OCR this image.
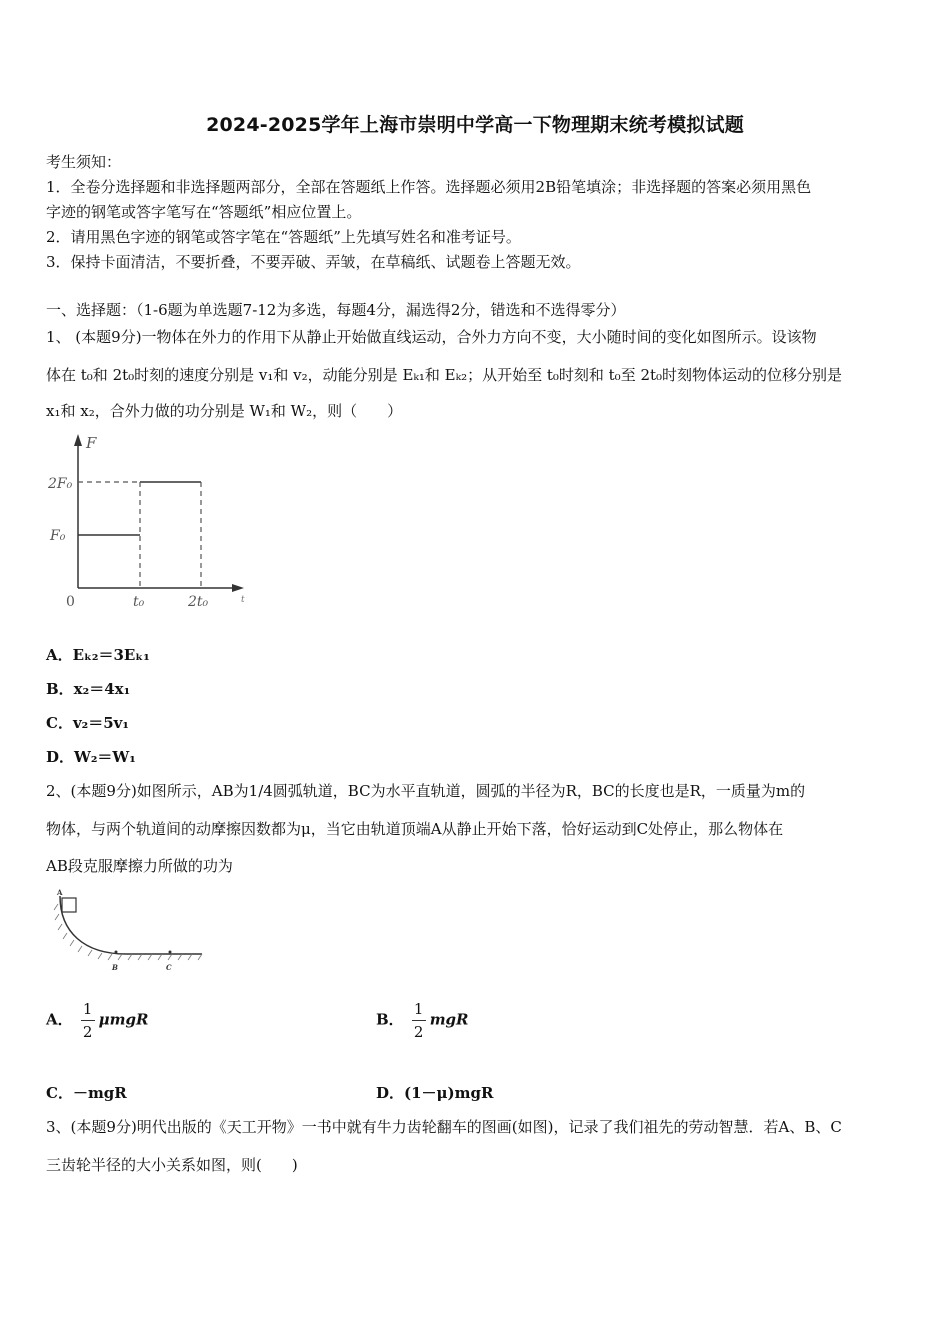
2024-2025学年上海市崇明中学高一下物理期末统考模拟试题
考生须知：
1．全卷分选择题和非选择题两部分，全部在答题纸上作答。选择题必须用2B铅笔填涂；非选择题的答案必须用黑色
字迹的钢笔或答字笔写在“答题纸”相应位置上。
2．请用黑色字迹的钢笔或答字笔在“答题纸”上先填写姓名和准考证号。
3．保持卡面清洁，不要折叠，不要弄破、弄皱，在草稿纸、试题卷上答题无效。
一、选择题：（1-6题为单选题7-12为多选，每题4分，漏选得2分，错选和不选得零分）
1、 (本题9分)一物体在外力的作用下从静止开始做直线运动，合外力方向不变，大小随时间的变化如图所示。设该物
体在 t₀和 2t₀时刻的速度分别是 v₁和 v₂，动能分别是 Eₖ₁和 Eₖ₂；从开始至 t₀时刻和 t₀至 2t₀时刻物体运动的位移分别是
x₁和 x₂，合外力做的功分别是 W₁和 W₂，则（　　）
F
2F₀
F₀
0	t₀	2t₀	t
A．Eₖ₂＝3Eₖ₁
B．x₂＝4x₁
C．v₂＝5v₁
D．W₂＝W₁
2、(本题9分)如图所示，AB为1/4圆弧轨道，BC为水平直轨道，圆弧的半径为R，BC的长度也是R，一质量为m的
物体，与两个轨道间的动摩擦因数都为μ，当它由轨道顶端A从静止开始下落，恰好运动到C处停止，那么物体在
AB段克服摩擦力所做的功为
A
B	C
A． $\frac{1}{2}$ μmgR	B． $\frac{1}{2}$ mgR
C．－mgR	D．(1－μ)mgR
3、(本题9分)明代出版的《天工开物》一书中就有牛力齿轮翻车的图画(如图)，记录了我们祖先的劳动智慧．若A、B、C
三齿轮半径的大小关系如图，则(　　)
